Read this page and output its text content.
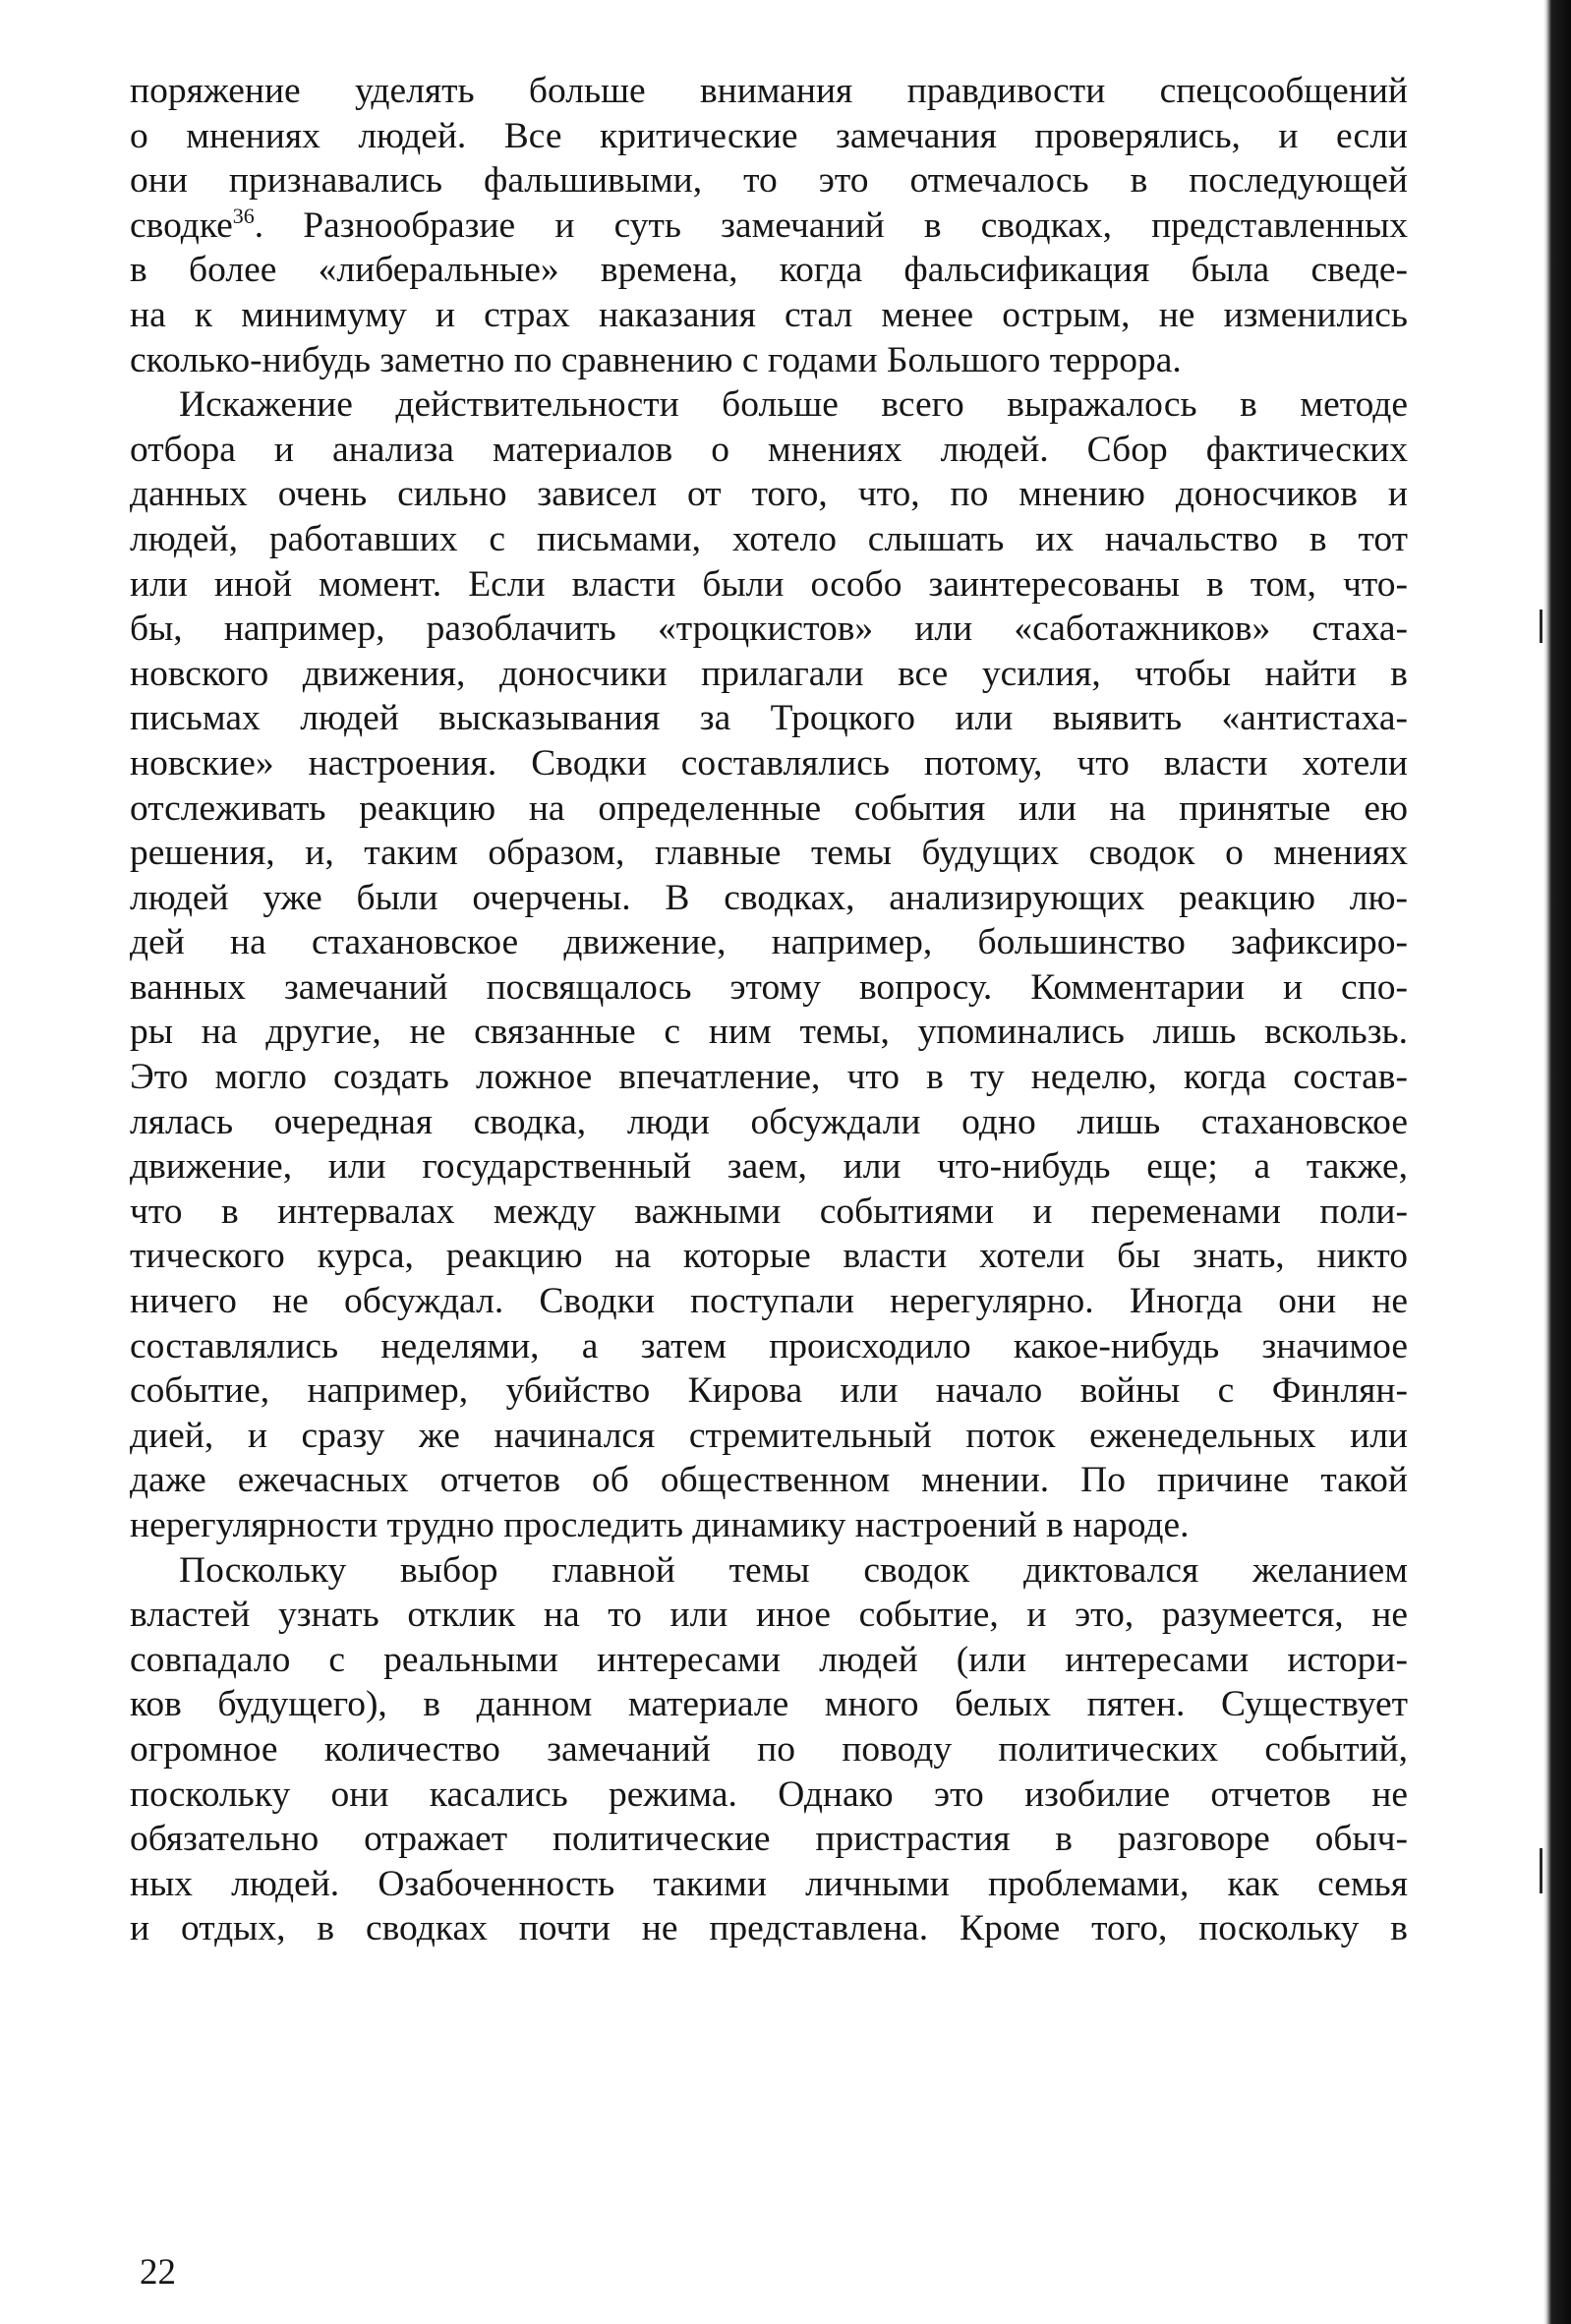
поряжение уделять больше внимания правдивости спецсообщений
о мнениях людей. Все критические замечания проверялись, и если
они признавались фальшивыми, то это отмечалось в последующей
сводке$^{36}$. Разнообразие и суть замечаний в сводках, представленных
в более «либеральные» времена, когда фальсификация была сведе-
на к минимуму и страх наказания стал менее острым, не изменились
сколько-нибудь заметно по сравнению с годами Большого террора.
Искажение действительности больше всего выражалось в методе
отбора и анализа материалов о мнениях людей. Сбор фактических
данных очень сильно зависел от того, что, по мнению доносчиков и
людей, работавших с письмами, хотело слышать их начальство в тот
или иной момент. Если власти были особо заинтересованы в том, что-
бы, например, разоблачить «троцкистов» или «саботажников» стаха-
новского движения, доносчики прилагали все усилия, чтобы найти в
письмах людей высказывания за Троцкого или выявить «антистаха-
новские» настроения. Сводки составлялись потому, что власти хотели
отслеживать реакцию на определенные события или на принятые ею
решения, и, таким образом, главные темы будущих сводок о мнениях
людей уже были очерчены. В сводках, анализирующих реакцию лю-
дей на стахановское движение, например, большинство зафиксиро-
ванных замечаний посвящалось этому вопросу. Комментарии и спо-
ры на другие, не связанные с ним темы, упоминались лишь вскользь.
Это могло создать ложное впечатление, что в ту неделю, когда состав-
лялась очередная сводка, люди обсуждали одно лишь стахановское
движение, или государственный заем, или что-нибудь еще; а также,
что в интервалах между важными событиями и переменами поли-
тического курса, реакцию на которые власти хотели бы знать, никто
ничего не обсуждал. Сводки поступали нерегулярно. Иногда они не
составлялись неделями, а затем происходило какое-нибудь значимое
событие, например, убийство Кирова или начало войны с Финлян-
дией, и сразу же начинался стремительный поток еженедельных или
даже ежечасных отчетов об общественном мнении. По причине такой
нерегулярности трудно проследить динамику настроений в народе.
Поскольку выбор главной темы сводок диктовался желанием
властей узнать отклик на то или иное событие, и это, разумеется, не
совпадало с реальными интересами людей (или интересами истори-
ков будущего), в данном материале много белых пятен. Существует
огромное количество замечаний по поводу политических событий,
поскольку они касались режима. Однако это изобилие отчетов не
обязательно отражает политические пристрастия в разговоре обыч-
ных людей. Озабоченность такими личными проблемами, как семья
и отдых, в сводках почти не представлена. Кроме того, поскольку в
22
